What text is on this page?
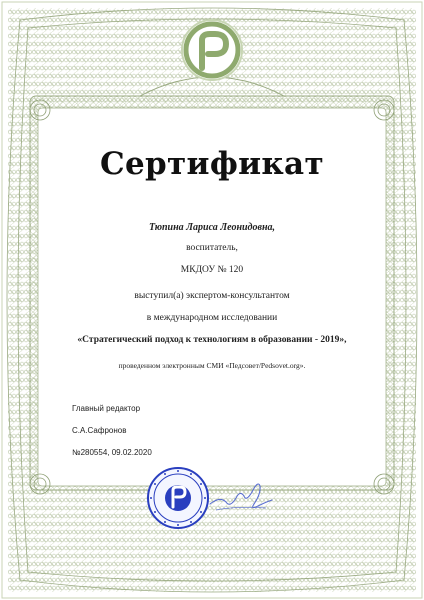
Сертификат
Тюпина Лариса Леонидовна,
воспитатель,
МКДОУ № 120
выступил(а) экспертом-консультантом
в международном исследовании
«Стратегический подход к технологиям в образовании - 2019»,
проведенном электронным СМИ «Педсовет/Pedsovet.org».
Главный редактор
С.А.Сафронов
№280554, 09.02.2020
